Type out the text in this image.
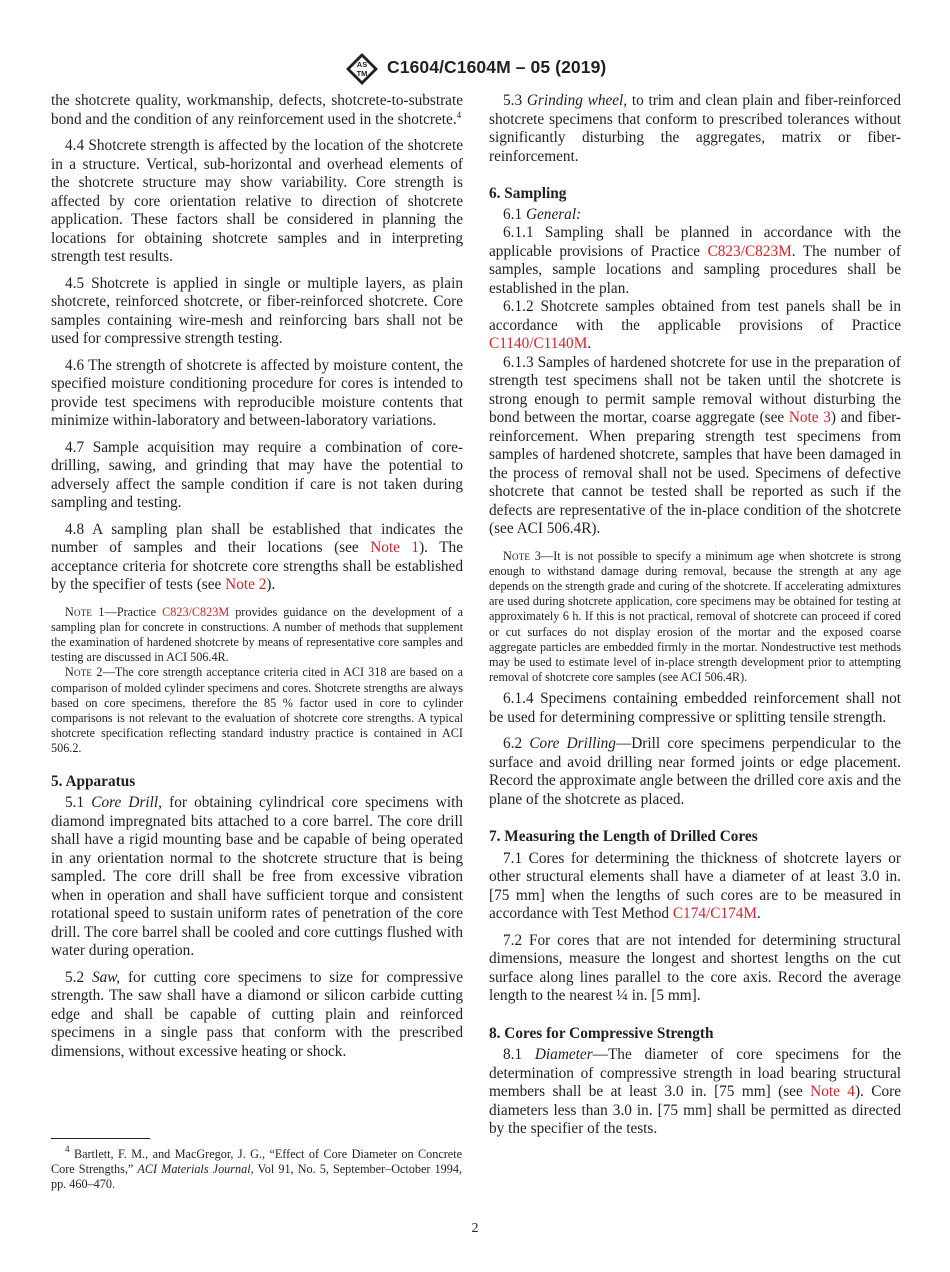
AS
TM C1604/C1604M – 05 (2019)

the shotcrete quality, workmanship, defects, shotcrete-to-substrate bond and the condition of any reinforcement used in the shotcrete.$^4$

4.4 Shotcrete strength is affected by the location of the shotcrete in a structure. Vertical, sub-horizontal and overhead elements of the shotcrete structure may show variability. Core strength is affected by core orientation relative to direction of shotcrete application. These factors shall be considered in planning the locations for obtaining shotcrete samples and in interpreting strength test results.

4.5 Shotcrete is applied in single or multiple layers, as plain shotcrete, reinforced shotcrete, or fiber-reinforced shotcrete. Core samples containing wire-mesh and reinforcing bars shall not be used for compressive strength testing.

4.6 The strength of shotcrete is affected by moisture content, the specified moisture conditioning procedure for cores is intended to provide test specimens with reproducible moisture contents that minimize within-laboratory and between-laboratory variations.

4.7 Sample acquisition may require a combination of core-drilling, sawing, and grinding that may have the potential to adversely affect the sample condition if care is not taken during sampling and testing.

4.8 A sampling plan shall be established that indicates the number of samples and their locations (see Note 1). The acceptance criteria for shotcrete core strengths shall be established by the specifier of tests (see Note 2).

Note 1—Practice C823/C823M provides guidance on the development of a sampling plan for concrete in constructions. A number of methods that supplement the examination of hardened shotcrete by means of representative core samples and testing are discussed in ACI 506.4R.

Note 2—The core strength acceptance criteria cited in ACI 318 are based on a comparison of molded cylinder specimens and cores. Shotcrete strengths are always based on core specimens, therefore the 85 % factor used in core to cylinder comparisons is not relevant to the evaluation of shotcrete core strengths. A typical shotcrete specification reflecting standard industry practice is contained in ACI 506.2.

5. Apparatus

5.1 Core Drill, for obtaining cylindrical core specimens with diamond impregnated bits attached to a core barrel. The core drill shall have a rigid mounting base and be capable of being operated in any orientation normal to the shotcrete structure that is being sampled. The core drill shall be free from excessive vibration when in operation and shall have sufficient torque and consistent rotational speed to sustain uniform rates of penetration of the core drill. The core barrel shall be cooled and core cuttings flushed with water during operation.

5.2 Saw, for cutting core specimens to size for compressive strength. The saw shall have a diamond or silicon carbide cutting edge and shall be capable of cutting plain and reinforced specimens in a single pass that conform with the prescribed dimensions, without excessive heating or shock.

5.3 Grinding wheel, to trim and clean plain and fiber-reinforced shotcrete specimens that conform to prescribed tolerances without significantly disturbing the aggregates, matrix or fiber-reinforcement.

6. Sampling

6.1 General:

6.1.1 Sampling shall be planned in accordance with the applicable provisions of Practice C823/C823M. The number of samples, sample locations and sampling procedures shall be established in the plan.

6.1.2 Shotcrete samples obtained from test panels shall be in accordance with the applicable provisions of Practice C1140/C1140M.

6.1.3 Samples of hardened shotcrete for use in the preparation of strength test specimens shall not be taken until the shotcrete is strong enough to permit sample removal without disturbing the bond between the mortar, coarse aggregate (see Note 3) and fiber-reinforcement. When preparing strength test specimens from samples of hardened shotcrete, samples that have been damaged in the process of removal shall not be used. Specimens of defective shotcrete that cannot be tested shall be reported as such if the defects are representative of the in-place condition of the shotcrete (see ACI 506.4R).

Note 3—It is not possible to specify a minimum age when shotcrete is strong enough to withstand damage during removal, because the strength at any age depends on the strength grade and curing of the shotcrete. If accelerating admixtures are used during shotcrete application, core specimens may be obtained for testing at approximately 6 h. If this is not practical, removal of shotcrete can proceed if cored or cut surfaces do not display erosion of the mortar and the exposed coarse aggregate particles are embedded firmly in the mortar. Nondestructive test methods may be used to estimate level of in-place strength development prior to attempting removal of shotcrete core samples (see ACI 506.4R).

6.1.4 Specimens containing embedded reinforcement shall not be used for determining compressive or splitting tensile strength.

6.2 Core Drilling—Drill core specimens perpendicular to the surface and avoid drilling near formed joints or edge placement. Record the approximate angle between the drilled core axis and the plane of the shotcrete as placed.

7. Measuring the Length of Drilled Cores

7.1 Cores for determining the thickness of shotcrete layers or other structural elements shall have a diameter of at least 3.0 in. [75 mm] when the lengths of such cores are to be measured in accordance with Test Method C174/C174M.

7.2 For cores that are not intended for determining structural dimensions, measure the longest and shortest lengths on the cut surface along lines parallel to the core axis. Record the average length to the nearest ¼ in. [5 mm].

8. Cores for Compressive Strength

8.1 Diameter—The diameter of core specimens for the determination of compressive strength in load bearing structural members shall be at least 3.0 in. [75 mm] (see Note 4). Core diameters less than 3.0 in. [75 mm] shall be permitted as directed by the specifier of the tests.

$^4$ Bartlett, F. M., and MacGregor, J. G., “Effect of Core Diameter on Concrete Core Strengths,” ACI Materials Journal, Vol 91, No. 5, September–October 1994, pp. 460–470.
2
